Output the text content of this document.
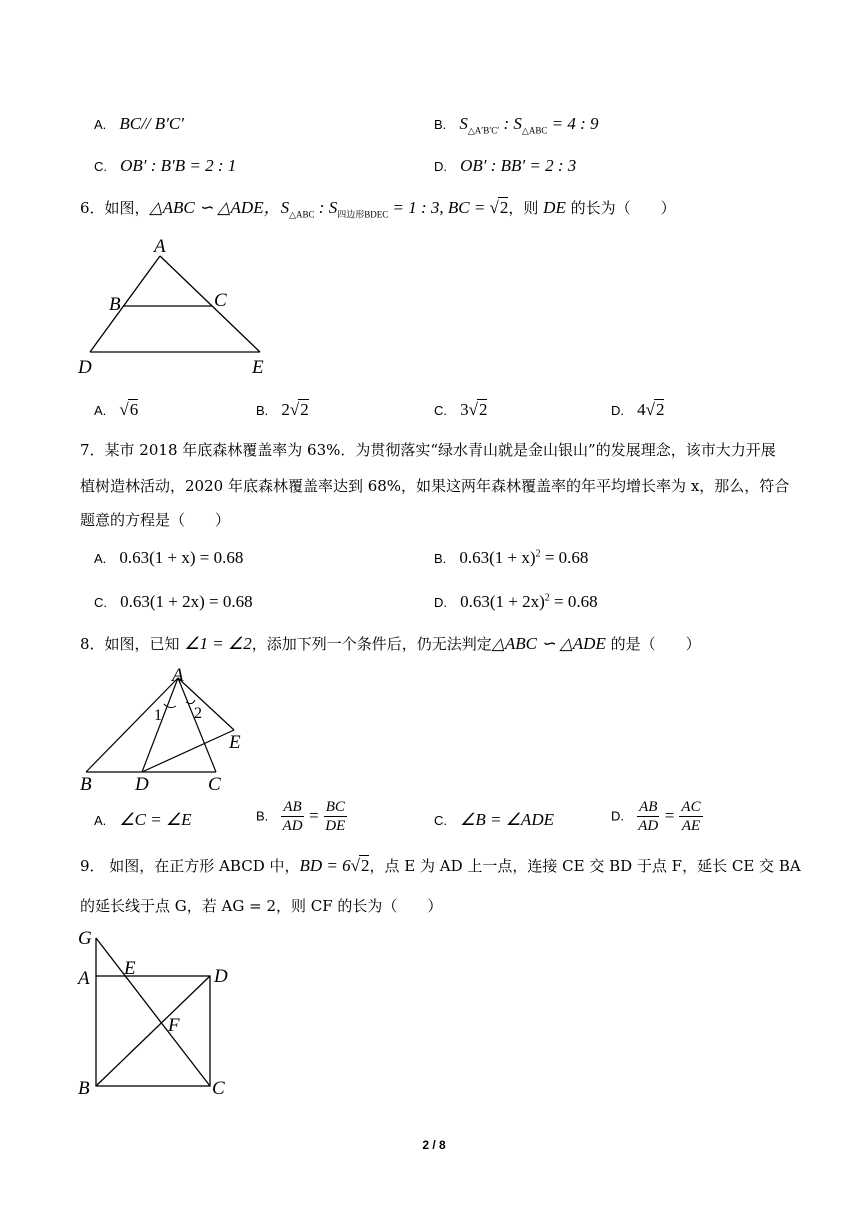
A. BC// B′C′	B. $S_{\triangle A'B'C'}$ : $S_{\triangle ABC} = 4$ : 9
C. OB′ : B′B = 2 : 1	D. OB′ : BB′ = 2 : 3
6．如图，△ABC ∽ △ADE，$S_{\triangle ABC}$ : $S_{四边形BDEC} = 1$ : 3, BC = √2，则 DE 的长为（　　）
A
B	C
D	E
A. √6	B. 2√2	C. 3√2	D. 4√2
7．某市 2018 年底森林覆盖率为 63%．为贯彻落实“绿水青山就是金山银山”的发展理念，该市大力开展
植树造林活动，2020 年底森林覆盖率达到 68%，如果这两年森林覆盖率的年平均增长率为 x，那么，符合
题意的方程是（　　）
A. 0.63(1 + x) = 0.68	B. $0.63(1 + x)^2 = 0.68$
C. 0.63(1 + 2x) = 0.68	D. $0.63(1 + 2x)^2 = 0.68$
8．如图，已知 ∠1 = ∠2，添加下列一个条件后，仍无法判定△ABC ∽ △ADE 的是（　　）
A
1 2
E
B D	C
A. ∠C = ∠E	B. $\frac{AB}{AD} = \frac{BC}{DE}$	C. ∠B = ∠ADE	D. $\frac{AB}{AD} = \frac{AC}{AE}$
9． 如图，在正方形 ABCD 中，BD = 6√2，点 E 为 AD 上一点，连接 CE 交 BD 于点 F，延长 CE 交 BA
的延长线于点 G，若 AG = 2，则 CF 的长为（　　）
G
A E	D
F
B	C
2 / 8
